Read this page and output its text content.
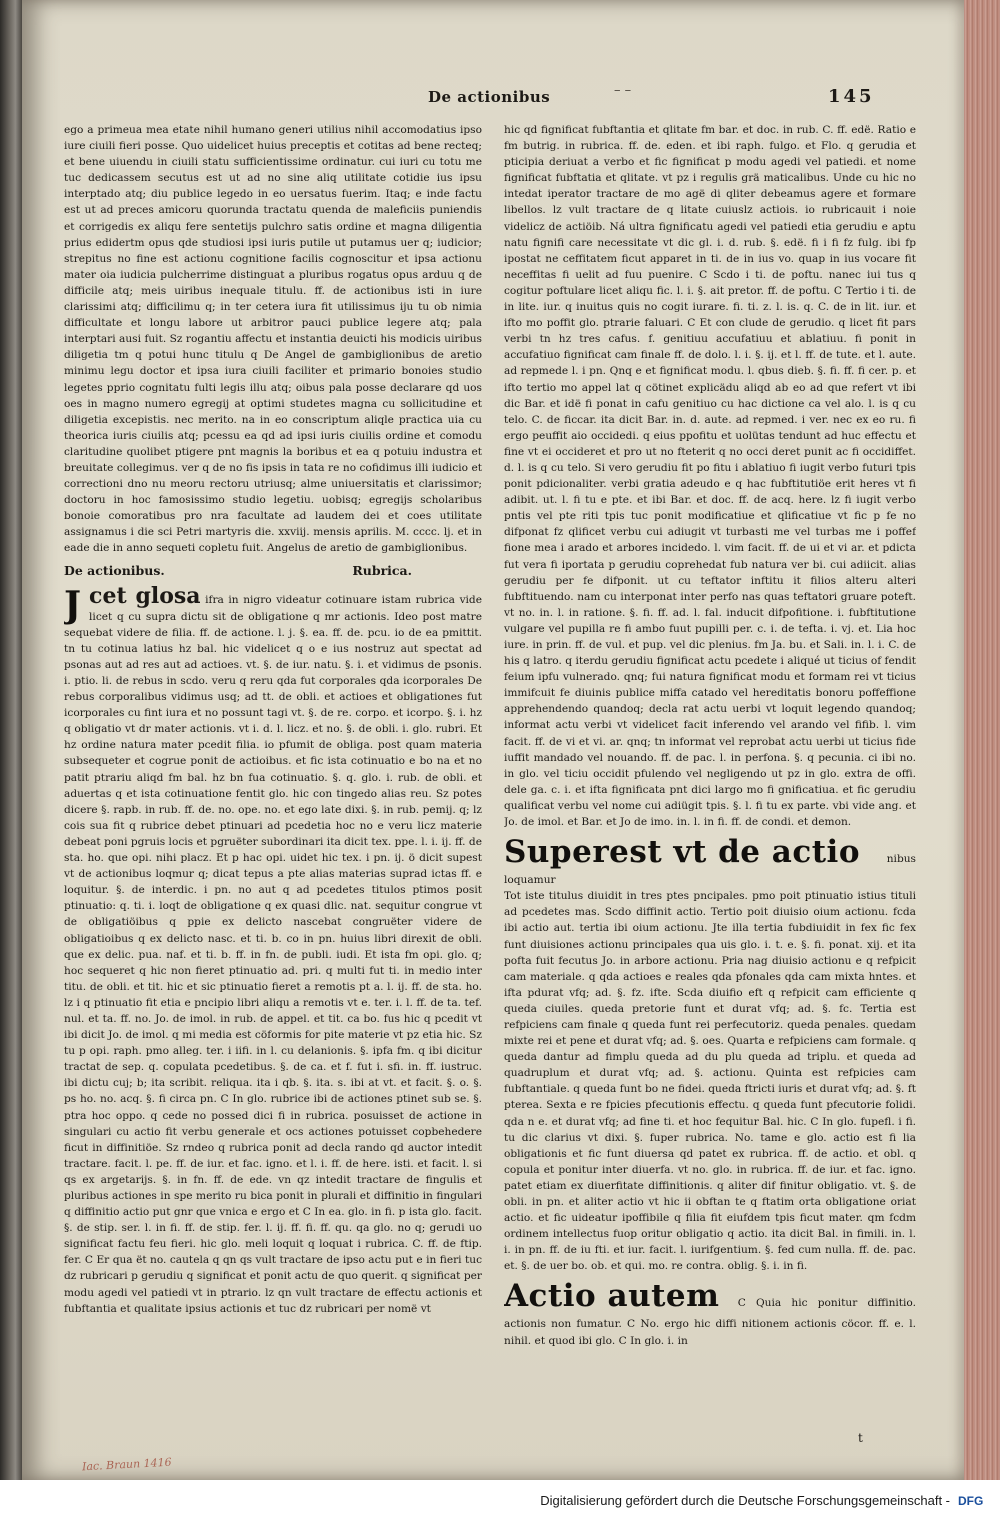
De actionibus	– –	145

ego a primeua mea etate nihil humano generi utilius nihil accomodatius ipso iure ciuili fieri posse. Quo uidelicet huius preceptis et cotitas ad bene recteq; et bene uiuendu in ciuili statu sufficientissime ordinatur. cui iuri cu totu me tuc dedicassem secutus est ut ad no sine aliq utilitate cotidie ius ipsu interptado atq; diu publice legedo in eo uersatus fuerim. Itaq; e inde factu est ut ad preces amicoru quorunda tractatu quenda de maleficiis puniendis et corrigedis ex aliqu fere sentetijs pulchro satis ordine et magna diligentia prius edidertm opus qde studiosi ipsi iuris putile ut putamus uer q; iudicior; strepitus no fine est actionu cognitione facilis cognoscitur et ipsa actionu mater oia iudicia pulcherrime distinguat a pluribus rogatus opus arduu q de difficile atq; meis uiribus inequale titulu. ff. de actionibus isti in iure clarissimi atq; difficilimu q; in ter cetera iura fit utilissimus iju tu ob nimia difficultate et longu labore ut arbitror pauci publice legere atq; pala interptari ausi fuit. Sz rogantiu affectu et instantia deuicti his modicis uiribus diligetia tm q potui hunc titulu q De Angel de gambiglionibus de aretio minimu legu doctor et ipsa iura ciuili faciliter et primario bonoies studio legetes pprio cognitatu fulti legis illu atq; oibus pala posse declarare qd uos oes in magno numero egregij at optimi studetes magna cu sollicitudine et diligetia excepistis. nec merito. na in eo conscriptum aliqle practica uia cu theorica iuris ciuilis atq; pcessu ea qd ad ipsi iuris ciuilis ordine et comodu claritudine quolibet ptigere pnt magnis la boribus et ea q potuiu industra et breuitate collegimus. ver q de no fis ipsis in tata re no cofidimus illi iudicio et correctioni dno nu meoru rectoru utriusq; alme uniuersitatis et clarissimor; doctoru in hoc famosissimo studio legetiu. uobisq; egregijs scholaribus bonoie comoratibus pro nra facultate ad laudem dei et coes utilitate assignamus i die sci Petri martyris die. xxviij. mensis aprilis. M. cccc. lj. et in eade die in anno sequeti copletu fuit. Angelus de aretio de gambiglionibus.

De actionibus.	Rubrica.

Jcet glosa ifra in nigro videatur cotinuare istam rubrica vide licet q cu supra dictu sit de obligatione q mr actionis. Ideo post matre sequebat videre de filia. ff. de actione. l. j. §. ea. ff. de. pcu. io de ea pmittit. tn tu cotinua latius hz bal. hic videlicet q o e ius nostruz aut spectat ad psonas aut ad res aut ad actioes. vt. §. de iur. natu. §. i. et vidimus de psonis. i. ptio. li. de rebus in scdo. veru q reru qda fut corporales qda icorporales De rebus corporalibus vidimus usq; ad tt. de obli. et actioes et obligationes fut icorporales cu fint iura et no possunt tagi vt. §. de re. corpo. et icorpo. §. i. hz q obligatio vt dr mater actionis. vt i. d. l. licz. et no. §. de obli. i. glo. rubri. Et hz ordine natura mater pcedit filia. io pfumit de obliga. post quam materia subsequeter et cogrue ponit de actioibus. et fic ista cotinuatio e bo na et no patit ptrariu aliqd fm bal. hz bn fua cotinuatio. §. q. glo. i. rub. de obli. et aduertas q et ista cotinuatione fentit glo. hic con tingedo alias reu. Sz potes dicere §. rapb. in rub. ff. de. no. ope. no. et ego late dixi. §. in rub. pemij. q; lz cois sua fit q rubrice debet ptinuari ad pcedetia hoc no e veru licz materie debeat poni pgruis locis et pgruëter subordinari ita dicit tex. ppe. l. i. ij. ff. de sta. ho. que opi. nihi placz. Et p hac opi. uidet hic tex. i pn. ij. ö dicit supest vt de actionibus loqmur q; dicat tepus a pte alias materias suprad ictas ff. e loquitur. §. de interdic. i pn. no aut q ad pcedetes titulos ptimos posit ptinuatio: q. ti. i. loqt de obligatione q ex quasi dlic. nat. sequitur congrue vt de obligatiöibus q ppie ex delicto nascebat congruëter videre de obligatioibus q ex delicto nasc. et ti. b. co in pn. huius libri direxit de obli. que ex delic. pua. naf. et ti. b. ff. in fn. de publi. iudi. Et ista fm opi. glo. q; hoc sequeret q hic non fieret ptinuatio ad. pri. q multi fut ti. in medio inter titu. de obli. et tit. hic et sic ptinuatio fieret a remotis pt a. l. ij. ff. de sta. ho. lz i q ptinuatio fit etia e pncipio libri aliqu a remotis vt e. ter. i. l. ff. de ta. tef. nul. et ta. ff. no. Jo. de imol. in rub. de appel. et tit. ca bo. fus hic q pcedit vt ibi dicit Jo. de imol. q mi media est cöformis for pite materie vt pz etia hic. Sz tu p opi. raph. pmo alleg. ter. i iifi. in l. cu delanionis. §. ipfa fm. q ibi dicitur tractat de sep. q. copulata pcedetibus. §. de ca. et f. fut i. sfi. in. ff. iustruc. ibi dictu cuj; b; ita scribit. reliqua. ita i qb. §. ita. s. ibi at vt. et facit. §. o. §. ps ho. no. acq. §. fi circa pn. C In glo. rubrice ibi de actiones ptinet sub se. §. ptra hoc oppo. q cede no possed dici fi in rubrica. posuisset de actione in singulari cu actio fit verbu generale et ocs actiones potuisset copbehedere ficut in diffinitiöe. Sz rndeo q rubrica ponit ad decla rando qd auctor intedit tractare. facit. l. pe. ff. de iur. et fac. igno. et l. i. ff. de here. isti. et facit. l. si qs ex argetarijs. §. in fn. ff. de ede. vn qz intedit tractare de fingulis et pluribus actiones in spe merito ru bica ponit in plurali et diffinitio in fingulari q diffinitio actio put gnr que vnica e ergo et C In ea. glo. in fi. p ista glo. facit. §. de stip. ser. l. in fi. ff. de stip. fer. l. ij. ff. fi. ff. qu. qa glo. no q; gerudi uo significat factu feu fieri. hic glo. meli loquit q loquat i rubrica. C. ff. de ftip. fer. C Er qua ët no. cautela q qn qs vult tractare de ipso actu put e in fieri tuc dz rubricari p gerudiu q significat et ponit actu de quo querit. q significat per modu agedi vel patiedi vt in ptrario. lz qn vult tractare de effectu actionis et fubftantia et qualitate ipsius actionis et tuc dz rubricari per nomë vt

hic qd fignificat fubftantia et qlitate fm bar. et doc. in rub. C. ff. edë. Ratio e fm butrig. in rubrica. ff. de. eden. et ibi raph. fulgo. et Flo. q gerudia et pticipia deriuat a verbo et fic fignificat p modu agedi vel patiedi. et nome fignificat fubftatia et qlitate. vt pz i regulis grä maticalibus. Unde cu hic no intedat iperator tractare de mo agë di qliter debeamus agere et formare libellos. lz vult tractare de q litate cuiuslz actiois. io rubricauit i noie videlicz de actiöib. Ná ultra fignificatu agedi vel patiedi etia gerudiu e aptu natu fignifi care necessitate vt dic gl. i. d. rub. §. edë. fi i fi fz fulg. ibi fp ipostat ne ceffitatem ficut apparet in ti. de in ius vo. quap in ius vocare fit neceffitas fi uelit ad fuu puenire. C Scdo i ti. de poftu. nanec iui tus q cogitur poftulare licet aliqu fic. l. i. §. ait pretor. ff. de poftu. C Tertio i ti. de in lite. iur. q inuitus quis no cogit iurare. fi. ti. z. l. is. q. C. de in lit. iur. et ifto mo poffit glo. ptrarie faluari. C Et con clude de gerudio. q licet fit pars verbi tn hz tres cafus. f. genitiuu accufatiuu et ablatiuu. fi ponit in accufatiuo fignificat cam finale ff. de dolo. l. i. §. ij. et l. ff. de tute. et l. aute. ad repmede l. i pn. Qnq e et fignificat modu. l. qbus dieb. §. fi. ff. fi cer. p. et ifto tertio mo appel lat q cötinet explicädu aliqd ab eo ad que refert vt ibi dic Bar. et idë fi ponat in cafu genitiuo cu hac dictione ca vel alo. l. is q cu telo. C. de ficcar. ita dicit Bar. in. d. aute. ad repmed. i ver. nec ex eo ru. fi ergo peuffit aio occidedi. q eius ppofitu et uolütas tendunt ad huc effectu et fine vt ei occideret et pro ut no fteterit q no occi deret punit ac fi occidiffet. d. l. is q cu telo. Si vero gerudiu fit po fitu i ablatiuo fi iugit verbo futuri tpis ponit pdicionaliter. verbi gratia adeudo e q hac fubftitutiöe erit heres vt fi adibit. ut. l. fi tu e pte. et ibi Bar. et doc. ff. de acq. here. lz fi iugit verbo pntis vel pte riti tpis tuc ponit modificatiue et qlificatiue vt fic p fe no difponat fz qlificet verbu cui adiugit vt turbasti me vel turbas me i poffef fione mea i arado et arbores incidedo. l. vim facit. ff. de ui et vi ar. et pdicta fut vera fi iportata p gerudiu coprehedat fub natura ver bi. cui adiicit. alias gerudiu per fe difponit. ut cu teftator inftitu it filios alteru alteri fubftituendo. nam cu interponat inter perfo nas quas teftatori gruare poteft. vt no. in. l. in ratione. §. fi. ff. ad. l. fal. inducit difpofitione. i. fubftitutione vulgare vel pupilla re fi ambo fuut pupilli per. c. i. de tefta. i. vj. et. Lia hoc iure. in prin. ff. de vul. et pup. vel dic plenius. fm Ja. bu. et Sali. in. l. i. C. de his q latro. q iterdu gerudiu fignificat actu pcedete i aliqué ut ticius of fendit feium ipfu vulnerado. qnq; fui natura fignificat modu et formam rei vt ticius immifcuit fe diuinis publice miffa catado vel hereditatis bonoru poffeffione apprehendendo quandoq; decla rat actu uerbi vt loquit legendo quandoq; informat actu verbi vt videlicet facit inferendo vel arando vel fifib. l. vim facit. ff. de vi et vi. ar. qnq; tn informat vel reprobat actu uerbi ut ticius fide iuffit mandado vel nouando. ff. de pac. l. in perfona. §. q pecunia. ci ibi no. in glo. vel ticiu occidit pfulendo vel negligendo ut pz in glo. extra de offi. dele ga. c. i. et ifta fignificata pnt dici largo mo fi gnificatiua. et fic gerudiu qualificat verbu vel nome cui adiügit tpis. §. l. fi tu ex parte. vbi vide ang. et Jo. de imol. et Bar. et Jo de imo. in. l. in fi. ff. de condi. et demon.

Superest vt de actio	nibus loquamur

Tot iste titulus diuidit in tres ptes pncipales. pmo poit ptinuatio istius tituli ad pcedetes mas. Scdo diffinit actio. Tertio poit diuisio oium actionu. fcda ibi actio aut. tertia ibi oium actionu. Jte illa tertia fubdiuidit in fex fic fex funt diuisiones actionu principales qua uis glo. i. t. e. §. fi. ponat. xij. et ita pofta fuit fecutus Jo. in arbore actionu. Pria nag diuisio actionu e q refpicit cam materiale. q qda actioes e reales qda pfonales qda cam mixta hntes. et ifta pdurat vfq; ad. §. fz. ifte. Scda diuifio eft q refpicit cam efficiente q queda ciuiles. queda pretorie funt et durat vfq; ad. §. fc. Tertia est refpiciens cam finale q queda funt rei perfecutoriz. queda penales. quedam mixte rei et pene et durat vfq; ad. §. oes. Quarta e refpiciens cam formale. q queda dantur ad fimplu queda ad du plu queda ad triplu. et queda ad quadruplum et durat vfq; ad. §. actionu. Quinta est refpicies cam fubftantiale. q queda funt bo ne fidei. queda ftricti iuris et durat vfq; ad. §. ft pterea. Sexta e re fpicies pfecutionis effectu. q queda funt pfecutorie folidi. qda n e. et durat vfq; ad fine ti. et hoc fequitur Bal. hic. C In glo. fupefl. i fi. tu dic clarius vt dixi. §. fuper rubrica. No. tame e glo. actio est fi lia obligationis et fic funt diuersa qd patet ex rubrica. ff. de actio. et obl. q copula et ponitur inter diuerfa. vt no. glo. in rubrica. ff. de iur. et fac. igno. patet etiam ex diuerfitate diffinitionis. q aliter dif finitur obligatio. vt. §. de obli. in pn. et aliter actio vt hic ii obftan te q ftatim orta obligatione oriat actio. et fic uideatur ipoffibile q filia fit eiufdem tpis ficut mater. qm fcdm ordinem intellectus fuop oritur obligatio q actio. ita dicit Bal. in fimili. in. l. i. in pn. ff. de iu fti. et iur. facit. l. iurifgentium. §. fed cum nulla. ff. de. pac. et. §. de uer bo. ob. et qui. mo. re contra. oblig. §. i. in fi.

Actio autem C Quia hic ponitur diffinitio. actionis non fumatur. C No. ergo hic diffi nitionem actionis cöcor. ff. e. l. nihil. et quod ibi glo. C In glo. i. in
t
Iac. Braun 1416
Digitalisierung gefördert durch die Deutsche Forschungsgemeinschaft - DFG
